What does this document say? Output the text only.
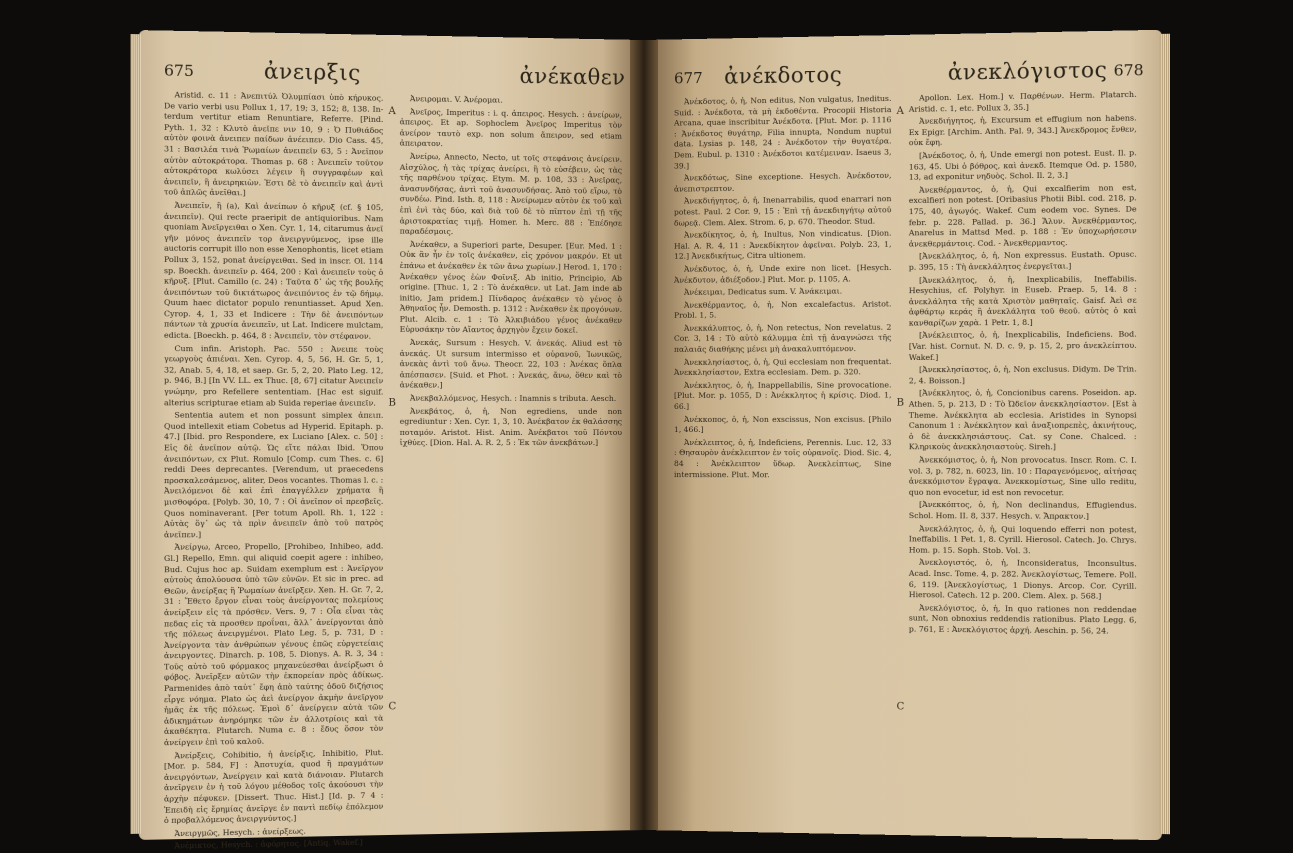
675	ἀνειρξις	ἀνέκαθεν

Aristid. c. 11 : Ἀνεπιτύλ Ὀλυμπίασι ὑπὸ κήρυκος. De vario verbi usu Pollux 1, 17, 19; 3, 152; 8, 138. In-terdum vertitur etiam Renuntiare, Referre. [Pind. Pyth. 1, 32 : Κλυτὸ ἀνεῖπε νιν 10, 9 : Ὀ Πυθιάδος αὐτὸν φοινὰ ἀνειπεν παίδων ἀνέειπεν. Dio Cass. 45, 31 : Βασιλέα τινὰ Ῥωμαίων ἀνειπεῖν 63, 5 : Ἀνεῖπον αὐτὸν αὐτοκράτορα. Thomas p. 68 : Ἀνειπεῖν τοῦτον αὐτοκράτορα κωλύσει λέγειν ἢ συγγραφέων καὶ ἀνειπεῖν, ἢ ἀνειρηκιὼν. Ἐστι δὲ τὸ ἀνειπεῖν καὶ ἀντὶ τοῦ ἀπλῶς ἀνεῖθαι.]

Ἀνειπεῖν, ἢ (a), Καὶ ἀνείπων ὁ κῆρυξ (cf. § 105, ἀνειπεῖν). Qui recte praeripit de antiquioribus. Nam quoniam Ἀνεῖργειθαι ο Xen. Cyr. 1, 14, citarumus ἀνεῖ γῆν μόνος ἀνειπεῖν τορ ἀνειργνύμενος, ipse ille auctoris corrupit illo non esse Xenophontis, licet etiam Pollux 3, 152, ponat ἀνείργειθαι. Sed in inscr. Ol. 114 sp. Boeckh. ἀνειπεῖν ρ. 464, 200 : Καὶ ἀνειπεῖν τοὺς ὁ κῆρυξ. [Plut. Camillo (c. 24) : Ταῦτα δ᾽ ὡς τῆς βουλῆς ἀνειπόντων τοῦ δικτάτωρος ἀνειπόντος ἐν τῷ δήμῳ. Quum haec dictator populo renuntiasset. Apud Xen. Cyrop. 4, 1, 33 et Indicere : Τὴν δὲ ἀνειπόντων πάντων τὰ χρυσία ἀνειπεῖν, ut Lat. Indicere mulctam, edicta. [Boeckh. p. 464, 8 : Ἀνειπεῖν, τὸν στέφανον.

Cum infin. Aristoph. Pac. 550 : Ἀνειπε τοὺς γεωργοὺς ἀπιέναι. Xen. Cyrop. 4, 5, 56, H. Gr. 5, 1, 32, Anab. 5, 4, 18, et saep. Gr. 5, 2, 20. Plato Leg. 12, p. 946, B.] [In VV. LL. ex Thuc. [8, 67] citatur Ἀνειπεῖν γνώμην, pro Refellere sententiam. [Hac est siguif. alterius scripturae etiam ab Suida reperiae ἀνειπεῖν.

Sententia autem et non possunt simplex ἀπειπ. Quod intellexit etiam Cobetus ad Hyperid. Epitaph. p. 47.] [Ibid. pro Respondere, ex Luciano [Alex. c. 50] : Εἰς δὲ ἀνεῖπον αὐτῷ. Ὡς εἴτε πάλαι Ibid. Ὅπου ἀνειπόντων, cx Plut. Romulo [Comp. cum Thes. c. 6] reddi Dees deprecantes. [Verendum, ut praecedens προσκαλεσάμενος, aliter, Deos vocantes. Thomas l. c. : Ἀνειλόμενοι δὲ καὶ ἐπὶ ἐπαγγέλλεν χρήματα ἢ μισθοφόρα. [Polyb. 30, 10, 7 : Οἱ ἀνεῖπον οἱ πρεσβεῖς. Quos nominaverant. [Per totum Apoll. Rh. 1, 122 : Αὐτὰς ὅγ᾽ ὡς τὰ πρὶν ἀνειπεῖν ἀπὸ τοῦ πατρὸς ἀνεῖπεν.]

Ἀνείργω, Arceo, Propello, [Prohibeo, Inhibeo, add. Gl.] Repello, Emn. qui aliquid coepit agere : inhibeo, Bud. Cujus hoc ap. Suidam exemplum est : Ἀνεῖργον αὐτοὺς ἀπολύουσα ὑπὸ τῶν εὐνῶν. Et sic in prec. ad Θεῶν, ἀνείρξας ἢ Ῥωμαίων ἀνεῖρξεν. Xen. H. Gr. 7, 2, 31 : Ἔθετο ἔργον εἶναι τοὺς ἀνείργοντας πολεμίους ἀνείρξειν εἰς τὰ πρόσθεν. Vers. 9, 7 : Οἷα εἶναι τὰς πεδας εἰς τὰ προσθεν προΐναι, ἃλλ᾽ ἀνείργονται ἀπὸ τῆς πόλεως ἀνειργμένοι. Plato Leg. 5, p. 731, D : Ἀνείργοντα τὰν ἀνθρώπων γένους ἐπῶς εὐργετείαις ἀνειργοντες. Dinarch. p. 108, 5. Dionys. A. R. 3, 34 : Τοῦς αὐτὸ τοῦ φόρμακος μηχανεύεσθαι ἀνείρξωσι ὁ φόβος. Ἀνεῖρξεν αὐτῶν τὴν ἐκπορείαν πρὸς ἀδίκως. Parmenides ἀπὸ ταὐτ᾽ ἔφη ἀπὸ ταύτης ὁδοῦ διζήσιος εἶργε νόημα. Plato ὡς ἀεὶ ἀνείργον ἀκμὴν ἀνεῖργον ἡμᾶς ἐκ τῆς πόλεως. Ἐμοὶ δ᾽ ἀνείργειν αὐτὰ τῶν ἀδικημάτων ἀνηρόμηκε τῶν ἐν ἀλλοτρίοις καὶ τὰ ἀκαθέκητα. Plutarch. Numa c. 8 : ἔδυς ὅσον τὸν ἀνείργειν ἐπὶ τοῦ καλοῦ.

Ἀνείρξεις, Cohibitio, ἡ ἀνείρξις, Inhibitio, Plut. [Mor. p. 584, F] : Ἀποτυχία, quod ἢ πραγμάτων ἀνειργόντων, Ἀνείργειν καὶ κατὰ διάνοιαν. Plutarch ἀνεῖργειν ἐν ἡ τοῦ λόγου μέθοδος τοῖς ἀκούουσι τὴν ἀρχὴν πέφυκεν. [Dissert. Thuc. Hist.] [Id. p. 7 4 : Ἐπειδὴ εἰς ἔρημίας ἀνεῖργε ἐν παντὶ πεδίῳ ἐπόλεμον ὁ προβαλλόμενος ἀνειργνύντος.]

Ἀνειργμῶς, Hesych. : ἀνείρξεως.

Ἀνέμικτος, Hesych. : ἀφόρητος. [Antiq. Wakef.]

Ἀνειρομαι. V. Ἀνέρομαι.

Ἀνεῖρος, Imperitus : i. q. ἀπειρος. Hesych. : ἀνείρων, ἀπειρος. Et ap. Sophoclem Ἀνεῖρος Imperitus τὸν ἀνείρον ταυτὸ exp. non solum ἄπειρον, sed etiam ἀπειρατον.

Ἀνείρω, Annecto, Necto, ut τοῖς στεφάνοις ἀνείρειν. Αἰσχύλος, ἡ τὰς τρίχας ἀνείρει, ἢ τὸ εὐσέβειν, ὡς τὰς τῆς παρθένου τρίχας. Etym. M. p. 108, 33 : Ἀνεῖρας, ἀνασυνδήσας, ἀντὶ τοῦ ἀνασυνδήσας. Ἀπὸ τοῦ εἴρω, τὸ συνδέω. Pind. Isth. 8, 118 : Ἀνείρωμεν αὐτὸν ἐκ τοῦ καὶ ἐπὶ ἑνὶ τὰς δύο, καὶ διὰ τοῦ δὲ τὸ πῖπτον ἐπὶ τῇ τῆς ἀριστοκρατίας τιμῇ. Homer. h. Merc. 88 : Ἐπέδησε παραδέσμοις.

Ἀνέκαθεν, a Superiori parte, Desuper. [Eur. Med. 1 : Οὐκ ἂν ἦν ἐν τοῖς ἀνέκαθεν, εἰς χρόνον μακρόν. Et ut ἐπάνω et ἀνέκαθεν ἐκ τῶν ἄνω χωρίων.] Herod. 1, 170 : Ἀνέκαθεν γένος ἐὼν Φοῖνιξ. Ab initio, Principio, Ab origine. [Thuc. 1, 2 : Τὸ ἀνέκαθεν. ut Lat. Jam inde ab initio, Jam pridem.] Πίνδαρος ἀνέκαθεν τὸ γένος ὁ Ἀθηναῖος ἦν. Demosth. p. 1312 : Ἀνέκαθεν ἐκ προγόνων. Plut. Alcib. c. 1 : Τὸ Ἀλκιβιάδου γένος ἀνέκαθεν Εὐρυσάκην τὸν Αἴαντος ἀρχηγὸν ἔχειν δοκεῖ.

Ἀνεκάς, Sursum : Hesych. V. ἀνεκάς. Aliud est τὸ ἀνεκάς. Ut sursum intermisso et οὐρανοῦ, Ἰωνικῶς, ἀνεκὰς ἀντὶ τοῦ ἄνω. Theocr. 22, 103 : Ἀνέκας ὅπλα ἀπέσπασεν. [Suid. et Phot. : Ἀνεκάς, ἄνω, ὅθεν καὶ τὸ ἀνέκαθεν.]

Ἀνεκβαλλόμενος, Hesych. : Inamnis s tributa. Aesch.

Ἀνεκβάτος, ὁ, ἡ, Non egrediens, unde non egrediuntur : Xen. Cyr. 1, 3, 10. Ἀνέκβατον ἐκ θαλάσσης ποταμόν. Aristot. Hist. Anim. Ἀνέκβατοι τοῦ Πόντου ἰχθύες. [Dion. Hal. A. R. 2, 5 : Ἐκ τῶν ἀνεκβάτων.]

A
B
C
677 ἀνέκδοτος	ἀνεκλόγιστος 678

Ἀνέκδοτος, ὁ, ἡ, Non editus, Non vulgatus, Ineditus. Suid. : Ἀνέκδοτα, τὰ μὴ ἐκδοθέντα. Procopii Historia Arcana, quae inscribitur Ἀνέκδοτα. [Plut. Mor. p. 1116 : Ἀνέκδοτος θυγάτηρ, Filia innupta, Nondum nuptui data. Lysias p. 148, 24 : Ἀνέκδοτον τὴν θυγατέρα. Dem. Eubul. p. 1310 : Ἀνέκδοτοι κατέμειναν. Isaeus 3, 39.]

Ἀνεκδότως, Sine exceptione. Hesych. Ἀνέκδοτον, ἀνεπιστρεπτον.

Ἀνεκδιήγητος, ὁ, ἡ, Inenarrabilis, quod enarrari non potest. Paul. 2 Cor. 9, 15 : Ἐπὶ τῇ ἀνεκδιηγήτῳ αὐτοῦ δωρεᾷ. Clem. Alex. Strom. 6, p. 670. Theodor. Stud.

Ἀνεκδίκητος, ὁ, ἡ, Inultus, Non vindicatus. [Dion. Hal. A. R. 4, 11 : Ἀνεκδίκητον ἀφεῖναι. Polyb. 23, 1, 12.] Ἀνεκδικήτως, Citra ultionem.

Ἀνέκδυτος, ὁ, ἡ, Unde exire non licet. [Hesych. Ἀνέκδυτον, ἀδιέξοδον.] Plut. Mor. p. 1105, A.

Ἀνέκειμαι, Dedicatus sum. V. Ἀνάκειμαι.

Ἀνεκθέρμαντος, ὁ, ἡ, Non excalefactus. Aristot. Probl. 1, 5.

Ἀνεκκάλυπτος, ὁ, ἡ, Non retectus, Non revelatus. 2 Cor. 3, 14 : Τὸ αὐτὸ κάλυμμα ἐπὶ τῇ ἀναγνώσει τῆς παλαιᾶς διαθήκης μένει μὴ ἀνακαλυπτόμενον.

Ἀνεκκλησίαστος, ὁ, ἡ, Qui ecclesiam non frequentat. Ἀνεκκλησίαστον, Extra ecclesiam. Dem. p. 320.

Ἀνέκκλητος, ὁ, ἡ, Inappellabilis, Sine provocatione. [Plut. Mor. p. 1055, D : Ἀνέκκλητος ἡ κρίσις. Diod. 1, 66.]

Ἀνέκκοπος, ὁ, ἡ, Non exscissus, Non excisus. [Philo 1, 466.]

Ἀνέκλειπτος, ὁ, ἡ, Indeficiens, Perennis. Luc. 12, 33 : Θησαυρὸν ἀνέκλειπτον ἐν τοῖς οὐρανοῖς. Diod. Sic. 4, 84 : Ἀνέκλειπτον ὕδωρ. Ἀνεκλείπτως, Sine intermissione. Plut. Mor.

Apollon. Lex. Hom.] v. Παρθένων. Herm. Platarch. Aristid. c. 1, etc. Pollux 3, 35.]

Ἀνεκδιήγητος, ἡ, Excursum et effugium non habens. Ex Epigr. [Archim. Anth. Pal. 9, 343.] Ἀνεκδρομος ἔνθεν, οὐκ ἔφη.

[Ἀνέκδοτος, ὁ, ἡ, Unde emergi non potest. Eust. Il. p. 163, 45. Ubi ὁ βόθρος, καὶ ἀνεκδ. Itemque Od. p. 1580, 13, ad exponitur νηδυὸς. Schol. Il. 2, 3.]

Ἀνεκθέρμαντος, ὁ, ἡ, Qui excalfierim non est, excalfieri non potest. [Oribasius Photii Bibl. cod. 218, p. 175, 40, ἀγωγός. Wakef. Cum eodem voc. Synes. De febr. p. 228. Pallad. p. 36.] Ἄλυν. Ἀνεκθέρμαντος, Anarelus in Mattsd Med. p. 188 : Ἐν ὑποχωρήσεσιν ἀνεκθερμάντοις. Cod. - Ἀνεκθερμαντος.

[Ἀνεκλάλητος, ὁ, ἡ, Non expressus. Eustath. Opusc. p. 395, 15 : Τὴ ἀνεκλάλητος ἐνεργεῖται.]

[Ἀνεκλάλητος, ὁ, ἡ, Inexplicabilis, Ineffabilis. Hesychius, cf. Polyhyr. in Euseb. Praep. 5, 14. 8 : ἀνεκλάλητα τῆς κατὰ Χριστὸν μαθηταῖς. Gaisf. Ἀεὶ σε ἀφθάρτῳ κεράς ἢ ἀνεκλάλητα τοῦ θεοῦ. αὐτὸς ὁ καὶ κανθαρίζων χαρὰ. 1 Petr. 1, 8.]

[Ἀνέκλειπτος, ὁ, ἡ, Inexplicabilis, Indeficiens. Bod. [Var. hist. Cornut. N. D. c. 9, p. 15, 2, pro ἀνεκλείπτου. Wakef.]

[Ἀνεκκλησίαστος, ὁ, ἡ, Non exclusus. Didym. De Trin. 2, 4. Boisson.]

[Ἀνέκκλητος, ὁ, ἡ, Concionibus carens. Poseidon. ap. Athen. 5, p. 213, D : Τὸ Ὠδεῖον ἀνεκκλησίαστον. [Est à Theme. Ἀνέκκλητα ab ecclesia. Aristides in Synopsi Canonum 1 : Ἀνέκκλητον καὶ ἀναξιοπρεπὲς, ἀκινήτους, ὁ δὲ ἀνεκκλησιάστους. Cat. sy Cone. Chalced. : Κληρικοὺς ἀνεκκλησιαστοὺς. Sireh.]

Ἀνεκκόμιστος, ὁ, ἡ, Non provocatus. Inscr. Rom. C. I. vol. 3, p. 782, n. 6023, lin. 10 : Παραγενόμενος, αἰτήσας ἀνεκκόμιστον ἔγραψα. Ἀνεκκομίστως, Sine ullo reditu, quo non evocetur, id est non revocetur.

[Ἀνεκκόπτος, ὁ, ἡ, Non declinandus, Effugiendus. Schol. Hom. II. 8, 337. Hesych. v. Ἄπρακτον.]

Ἀνεκλάλητος, ὁ, ἡ, Qui loquendo efferri non potest, Ineffabilis. 1 Pet. 1, 8. Cyrill. Hierosol. Catech. Jo. Chrys. Hom. p. 15. Soph. Stob. Vol. 3.

Ἀνεκλογιστός, ὁ, ἡ, Inconsideratus, Inconsultus. Acad. Insc. Tome. 4, p. 282. Ἀνεκλογίστως, Temere. Poll. 6, 119. [Ἀνεκλογίστως, 1 Dionys. Arcop. Cor. Cyrill. Hierosol. Catech. 12 p. 200. Clem. Alex. p. 568.]

Ἀνεκλόγιστος, ὁ, ἡ, In quo rationes non reddendae sunt, Non obnoxius reddendis rationibus. Plato Legg. 6, p. 761, E : Ἀνεκλόγιστος ἀρχή. Aeschin. p. 56, 24.

A
B
C
